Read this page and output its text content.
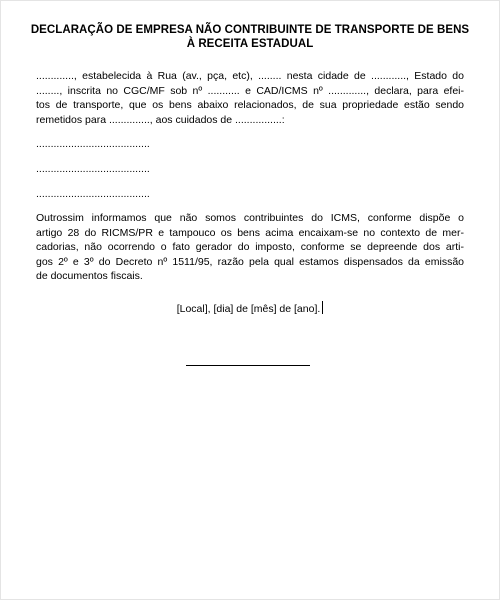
DECLARAÇÃO DE EMPRESA NÃO CONTRIBUINTE DE TRANSPORTE DE BENS
À RECEITA ESTADUAL
............., estabelecida à Rua (av., pça, etc), ........ nesta cidade de ............, Estado do
........, inscrita no CGC/MF sob nº ........... e CAD/ICMS nº ............., declara, para efei-
tos de transporte, que os bens abaixo relacionados, de sua propriedade estão sendo
remetidos para .............., aos cuidados de ................:
.......................................
.......................................
.......................................
Outrossim informamos que não somos contribuintes do ICMS, conforme dispõe o
artigo 28 do RICMS/PR e tampouco os bens acima encaixam-se no contexto de mer-
cadorias, não ocorrendo o fato gerador do imposto, conforme se depreende dos arti-
gos 2º e 3º do Decreto nº 1511/95, razão pela qual estamos dispensados da emissão
de documentos fiscais.
[Local], [dia] de [mês] de [ano].
